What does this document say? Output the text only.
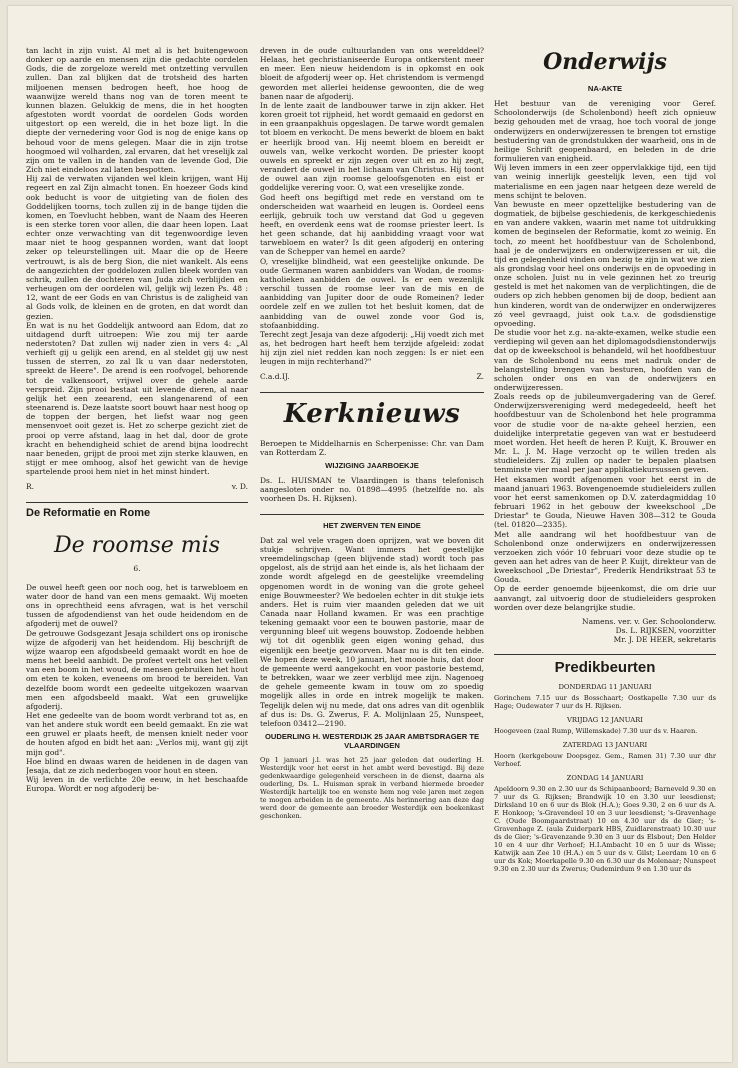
tan lacht in zijn vuist. Al met al is het buitengewoon donker op aarde en mensen zijn die gedachte oordelen Gods, die de zorgeloze wereld met ontzetting vervullen zullen. Dan zal blijken dat de trotsheid des harten miljoenen mensen bedrogen heeft, hoe hoog de waanwijze wereld thans nog van de toren meent te kunnen blazen. Gelukkig de mens, die in het hoogten afgestoten wordt voordat de oordelen Gods worden uitgestort op een wereld, die in het boze ligt. In die diepte der vernedering voor God is nog de enige kans op behoud voor de mens gelegen. Maar die in zijn trotse hoogmoed wil volharden, zal ervaren, dat het vreselijk zal zijn om te vallen in de handen van de levende God, Die Zich niet eindeloos zal laten bespotten.

Hij zal de verwaten vijanden wel klein krijgen, want Hij regeert en zal Zijn almacht tonen. En hoezeer Gods kind ook beducht is voor de uitgieting van de fiolen des Goddelijken toorns, toch zullen zij in de bange tijden die komen, en Toevlucht hebben, want de Naam des Heeren is een sterke toren voor allen, die daar heen lopen. Laat echter onze verwachting van dit tegenwoordige leven maar niet te hoog gespannen worden, want dat loopt zeker op teleurstellingen uit. Maar die op de Heere vertrouwt, is als de berg Sion, die niet wankelt. Als eens de aangezichten der goddelozen zullen bleek worden van schrik, zullen de dochteren van Juda zich verblijden en verheugen om der oordelen wil, gelijk wij lezen Ps. 48 : 12, want de eer Gods en van Christus is de zaligheid van al Gods volk, de kleinen en de groten, en dat wordt dan gezien.

En wat is nu het Goddelijk antwoord aan Edom, dat zo uitdagend durft uitroepen: Wie zou mij ter aarde nederstoten? Dat zullen wij nader zien in vers 4: „Al verhieft gij u gelijk een arend, en al steldet gij uw nest tussen de sterren, zo zal Ik u van daar nederstoten, spreekt de Heere". De arend is een roofvogel, behorende tot de valkensoort, vrijwel over de gehele aarde verspreid. Zijn prooi bestaat uit levende dieren, al naar gelijk het een zeearend, een slangenarend of een steenarend is. Deze laatste soort bouwt haar nest hoog op de toppen der bergen, het liefst waar nog geen mensenvoet ooit gezet is. Het zo scherpe gezicht ziet de prooi op verre afstand, laag in het dal, door de grote kracht en behendigheid schiet de arend bijna loodrecht naar beneden, grijpt de prooi met zijn sterke klauwen, en stijgt er mee omhoog, alsof het gewicht van de hevige spartelende prooi hem niet in het minst hindert.

R.	v. D.
De Reformatie en Rome
De roomse mis
6.

De ouwel heeft geen oor noch oog, het is tarwebloem en water door de hand van een mens gemaakt. Wij moeten ons in oprechtheid eens afvragen, wat is het verschil tussen de afgodendienst van het oude heidendom en de afgoderij met de ouwel?

De getrouwe Godsgezant Jesaja schildert ons op ironische wijze de afgoderij van het heidendom. Hij beschrijft de wijze waarop een afgodsbeeld gemaakt wordt en hoe de mens het beeld aanbidt. De profeet vertelt ons het vellen van een boom in het woud, de mensen gebruiken het hout om eten te koken, eveneens om brood te bereiden. Van dezelfde boom wordt een gedeelte uitgekozen waarvan men een afgodsbeeld maakt. Wat een gruwelijke afgoderij.

Het ene gedeelte van de boom wordt verbrand tot as, en van het andere stuk wordt een beeld gemaakt. En zie wat een gruwel er plaats heeft, de mensen knielt neder voor de houten afgod en bidt het aan: „Verlos mij, want gij zijt mijn god".

Hoe blind en dwaas waren de heidenen in de dagen van Jesaja, dat ze zich nederbogen voor hout en steen.

Wij leven in de verlichte 20e eeuw, in het beschaafde Europa. Wordt er nog afgoderij be-

dreven in de oude cultuurlanden van ons werelddeel? Helaas, het gechristianiseerde Europa ontkerstent meer en meer. Een nieuw heidendom is in opkomst en ook bloeit de afgoderij weer op. Het christendom is vermengd geworden met allerlei heidense gewoonten, die de weg banen naar de afgoderij.

In de lente zaait de landbouwer tarwe in zijn akker. Het koren groeit tot rijpheid, het wordt gemaaid en gedorst en in een graanpakhuis opgeslagen. De tarwe wordt gemalen tot bloem en verkocht. De mens bewerkt de bloem en bakt er heerlijk brood van. Hij neemt bloem en bereidt er ouwels van, welke verkocht worden. De priester koopt ouwels en spreekt er zijn zegen over uit en zo hij zegt, verandert de ouwel in het lichaam van Christus. Hij toont de ouwel aan zijn roomse geloofsgenoten en eist er goddelijke verering voor. O, wat een vreselijke zonde.

God heeft ons begiftigd met rede en verstand om te onderscheiden wat waarheid en leugen is. Oordeel eens eerlijk, gebruik toch uw verstand dat God u gegeven heeft, en overdenk eens wat de roomse priester leert. Is het geen schande, dat hij aanbidding vraagt voor wat tarwebloem en water? Is dit geen afgoderij en ontering van de Schepper van hemel en aarde?

O, vreselijke blindheid, wat een geestelijke onkunde. De oude Germanen waren aanbidders van Wodan, de rooms-katholieken aanbidden de ouwel. Is er een wezenlijk verschil tussen de roomse leer van de mis en de aanbidding van Jupiter door de oude Romeinen? Ieder oordele zelf en we zullen tot het besluit komen, dat de aanbidding van de ouwel zonde voor God is, stofaanbidding.

Terecht zegt Jesaja van deze afgoderij: „Hij voedt zich met as, het bedrogen hart heeft hem terzijde afgeleid: zodat hij zijn ziel niet redden kan noch zeggen: Is er niet een leugen in mijn rechterhand?"

C.a.d.IJ.	Z.
Kerknieuws

Beroepen te Middelharnis en Scherpenisse: Chr. van Dam van Rotterdam Z.

WIJZIGING JAARBOEKJE

Ds. L. HUISMAN te Vlaardingen is thans telefonisch aangesloten onder no. 01898—4995 (hetzelfde no. als voorheen Ds. H. Rijksen).

HET ZWERVEN TEN EINDE

Dat zal wel vele vragen doen oprijzen, wat we boven dit stukje schrijven. Want immers het geestelijke vreemdelingschap (geen blijvende stad) wordt toch pas opgelost, als de strijd aan het einde is, als het lichaam der zonde wordt afgelegd en de geestelijke vreemdeling opgenomen wordt in de woning van die grote geheel enige Bouwmeester? We bedoelen echter in dit stukje iets anders. Het is ruim vier maanden geleden dat we uit Canada naar Holland kwamen. Er was een prachtige tekening gemaakt voor een te bouwen pastorie, maar de vergunning bleef uit wegens bouwstop. Zodoende hebben wij tot dit ogenblik geen eigen woning gehad, dus eigenlijk een beetje gezworven. Maar nu is dit ten einde. We hopen deze week, 10 januari, het mooie huis, dat door de gemeente werd aangekocht en voor pastorie bestemd, te betrekken, waar we zeer verblijd mee zijn. Nagenoeg de gehele gemeente kwam in touw om zo spoedig mogelijk alles in orde en intrek mogelijk te maken. Tegelijk delen wij nu mede, dat ons adres van dit ogenblik af dus is: Ds. G. Zwerus, F. A. Molijnlaan 25, Nunspeet, telefoon 03412—2190.

OUDERLING H. WESTERDIJK 25 JAAR AMBTSDRAGER TE VLAARDINGEN

Op 1 januari j.l. was het 25 jaar geleden dat ouderling H. Westerdijk voor het eerst in het ambt werd bevestigd. Bij deze gedenkwaardige gelegenheid verscheen in de dienst, daarna als ouderling, Ds. L. Huisman sprak in verband hiermede broeder Westerdijk hartelijk toe en wenste hem nog vele jaren met zegen te mogen arbeiden in de gemeente. Als herinnering aan deze dag werd door de gemeente aan broeder Westerdijk een boekenkast geschonken.

Onderwijs
NA-AKTE

Het bestuur van de vereniging voor Geref. Schoolonderwijs (de Scholenbond) heeft zich opnieuw bezig gehouden met de vraag, hoe toch vooral de jonge onderwijzers en onderwijzeressen te brengen tot ernstige bestudering van de grondstukken der waarheid, ons in de heilige Schrift geopenbaard, en beleden in de drie formulieren van enigheid.

Wij leven immers in een zeer oppervlakkige tijd, een tijd van weinig innerlijk geestelijk leven, een tijd vol materialisme en een jagen naar hetgeen deze wereld de mens schijnt te beloven.

Van bewuste en meer opzettelijke bestudering van de dogmatiek, de bijbelse geschiedenis, de kerkgeschiedenis en van andere vakken, waarin met name tot uitdrukking komen de beginselen der Reformatie, komt zo weinig. En toch, zo meent het hoofdbestuur van de Scholenbond, haal je de onderwijzers en onderwijzeressen er uit, die tijd en gelegenheid vinden om bezig te zijn in wat we zien als grondslag voor heel ons onderwijs en de opvoeding in onze scholen. Juist nu in vele gezinnen het zo treurig gesteld is met het nakomen van de verplichtingen, die de ouders op zich hebben genomen bij de doop, bedient aan hun kinderen, wordt van de onderwijzer en onderwijzeres zó veel gevraagd, juist ook t.a.v. de godsdienstige opvoeding.

De studie voor het z.g. na-akte-examen, welke studie een verdieping wil geven aan het diplomagodsdienstonderwijs dat op de kweekschool is behandeld, wil het hoofdbestuur van de Scholenbond nu eens met nadruk onder de belangstelling brengen van besturen, hoofden van de scholen onder ons en van de onderwijzers en onderwijzeressen.

Zoals reeds op de jubileumvergadering van de Geref. Onderwijzersvereniging werd medegedeeld, heeft het hoofdbestuur van de Scholenbond het hele programma voor de studie voor de na-akte geheel herzien, een duidelijke interpretatie gegeven van wat er bestudeerd moet worden. Het heeft de heren P. Kuijt, K. Brouwer en Mr. L. J. M. Hage verzocht op te willen treden als studieleiders. Zij zullen op nader te bepalen plaatsen tenminste vier maal per jaar applikatiekursussen geven.

Het eksamen wordt afgenomen voor het eerst in de maand januari 1963. Bovengenoemde studieleiders zullen voor het eerst samenkomen op D.V. zaterdagmiddag 10 februari 1962 in het gebouw der kweekschool „De Driestar" te Gouda, Nieuwe Haven 308—312 te Gouda (tel. 01820—2335).

Met alle aandrang wil het hoofdbestuur van de Scholenbond onze onderwijzers en onderwijzeressen verzoeken zich vóór 10 februari voor deze studie op te geven aan het adres van de heer P. Kuijt, direkteur van de kweekschool „De Driestar", Frederik Hendrikstraat 53 te Gouda.

Op de eerder genoemde bijeenkomst, die om drie uur aanvangt, zal uitvoerig door de studieleiders gesproken worden over deze belangrijke studie.

Namens. ver. v. Ger. Schoolonderw.
Ds. L. RIJKSEN, voorzitter
Mr. J. DE HEER, sekretaris
Predikbeurten
DONDERDAG 11 JANUARI

Gorinchem 7.15 uur ds Bosschaart; Oostkapelle 7.30 uur ds Hage; Oudewater 7 uur ds H. Rijksen.

VRIJDAG 12 JANUARI

Hoogeveen (zaal Rump, Willemskade) 7.30 uur ds v. Haaren.

ZATERDAG 13 JANUARI

Hoorn (kerkgebouw Doopsgez. Gem., Ramen 31) 7.30 uur dhr Verhoef.

ZONDAG 14 JANUARI

Apeldoorn 9.30 en 2.30 uur ds Schipaanboord; Barneveld 9.30 en 7 uur ds G. Rijksen; Brandwijk 10 en 3.30 uur leesdienst; Dirksland 10 en 6 uur ds Blok (H.A.); Goes 9.30, 2 en 6 uur ds A. F. Honkoop; 's-Gravendeel 10 en 3 uur leesdienst; 's-Gravenhage C. (Oude Boomgaardstraat) 10 en 4.30 uur ds de Gier; 's-Gravenhage Z. (aula Zuiderpark HBS, Zuidlarenstraat) 10.30 uur ds de Gier; 's-Gravenzande 9.30 en 3 uur ds Elsbout; Den Helder 10 en 4 uur dhr Verhoef; H.I.Ambacht 10 en 5 uur ds Wisse; Katwijk aan Zee 10 (H.A.) en 5 uur ds v. Gilst; Leerdam 10 en 6 uur ds Kok; Moerkapelle 9.30 en 6.30 uur ds Molenaar; Nunspeet 9.30 en 2.30 uur ds Zwerus; Oudemirdum 9 en 1.30 uur ds
